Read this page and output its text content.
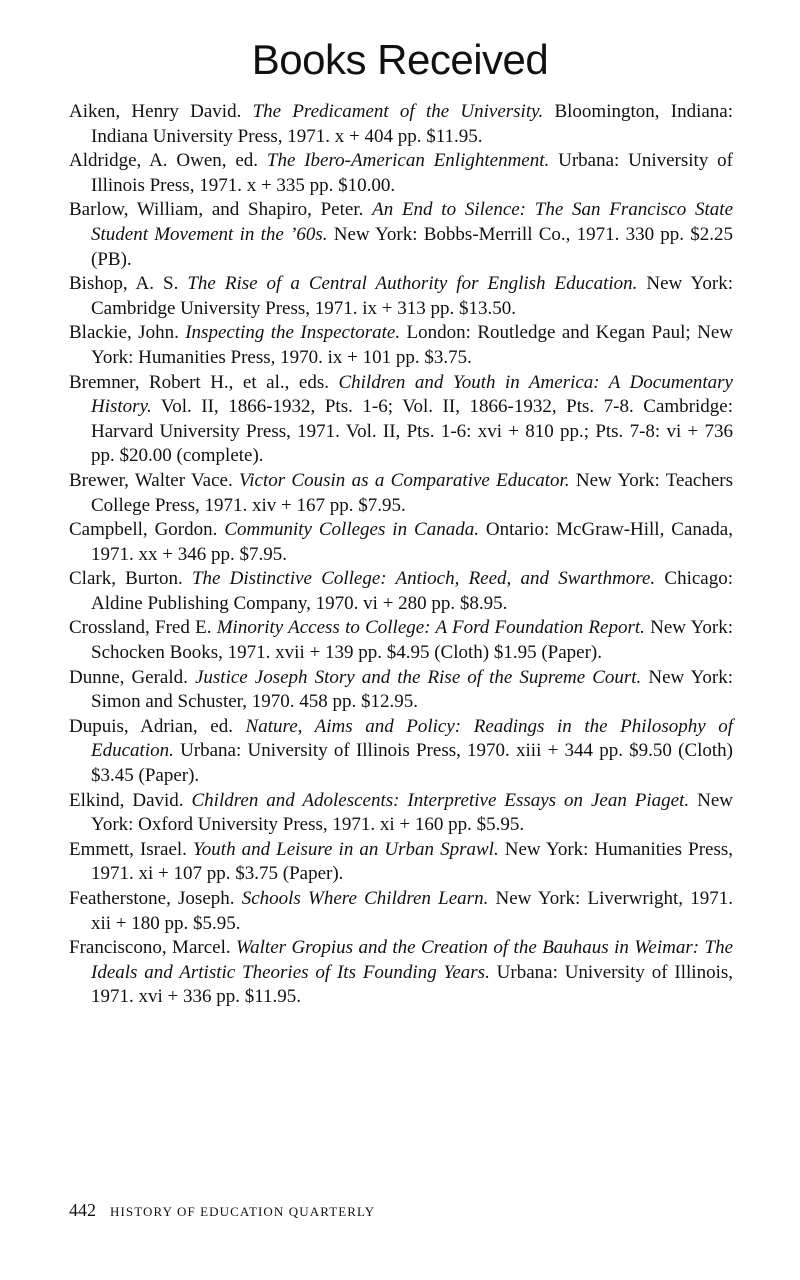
Books Received
Aiken, Henry David. The Predicament of the University. Bloomington, Indiana: Indiana University Press, 1971. x + 404 pp. $11.95.
Aldridge, A. Owen, ed. The Ibero-American Enlightenment. Urbana: University of Illinois Press, 1971. x + 335 pp. $10.00.
Barlow, William, and Shapiro, Peter. An End to Silence: The San Francisco State Student Movement in the ’60s. New York: Bobbs-Merrill Co., 1971. 330 pp. $2.25 (PB).
Bishop, A. S. The Rise of a Central Authority for English Education. New York: Cambridge University Press, 1971. ix + 313 pp. $13.50.
Blackie, John. Inspecting the Inspectorate. London: Routledge and Kegan Paul; New York: Humanities Press, 1970. ix + 101 pp. $3.75.
Bremner, Robert H., et al., eds. Children and Youth in America: A Documentary History. Vol. II, 1866-1932, Pts. 1-6; Vol. II, 1866-1932, Pts. 7-8. Cambridge: Harvard University Press, 1971. Vol. II, Pts. 1-6: xvi + 810 pp.; Pts. 7-8: vi + 736 pp. $20.00 (complete).
Brewer, Walter Vace. Victor Cousin as a Comparative Educator. New York: Teachers College Press, 1971. xiv + 167 pp. $7.95.
Campbell, Gordon. Community Colleges in Canada. Ontario: McGraw-Hill, Canada, 1971. xx + 346 pp. $7.95.
Clark, Burton. The Distinctive College: Antioch, Reed, and Swarthmore. Chicago: Aldine Publishing Company, 1970. vi + 280 pp. $8.95.
Crossland, Fred E. Minority Access to College: A Ford Foundation Report. New York: Schocken Books, 1971. xvii + 139 pp. $4.95 (Cloth) $1.95 (Paper).
Dunne, Gerald. Justice Joseph Story and the Rise of the Supreme Court. New York: Simon and Schuster, 1970. 458 pp. $12.95.
Dupuis, Adrian, ed. Nature, Aims and Policy: Readings in the Philosophy of Education. Urbana: University of Illinois Press, 1970. xiii + 344 pp. $9.50 (Cloth) $3.45 (Paper).
Elkind, David. Children and Adolescents: Interpretive Essays on Jean Piaget. New York: Oxford University Press, 1971. xi + 160 pp. $5.95.
Emmett, Israel. Youth and Leisure in an Urban Sprawl. New York: Humanities Press, 1971. xi + 107 pp. $3.75 (Paper).
Featherstone, Joseph. Schools Where Children Learn. New York: Liverwright, 1971. xii + 180 pp. $5.95.
Franciscono, Marcel. Walter Gropius and the Creation of the Bauhaus in Weimar: The Ideals and Artistic Theories of Its Founding Years. Urbana: University of Illinois, 1971. xvi + 336 pp. $11.95.
442 HISTORY OF EDUCATION QUARTERLY
